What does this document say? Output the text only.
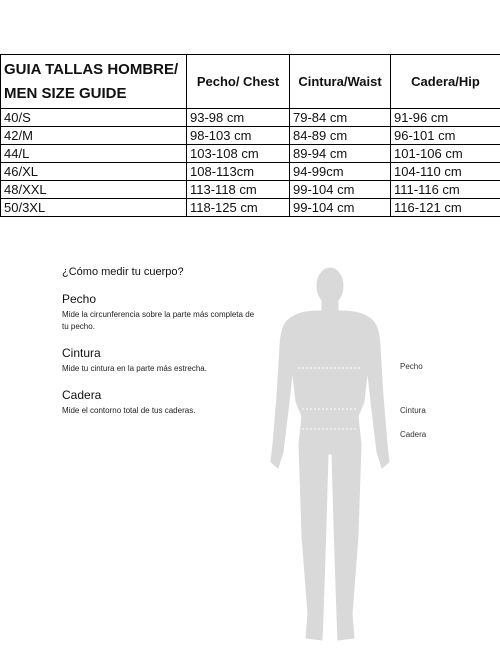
GUIA TALLAS HOMBRE/
MEN SIZE GUIDE	Pecho/ Chest	Cintura/Waist	Cadera/Hip
40/S	93-98 cm	79-84 cm	91-96 cm
42/M	98-103 cm	84-89 cm	96-101 cm
44/L	103-108 cm	89-94 cm	101-106 cm
46/XL	108-113cm	94-99cm	104-110 cm
48/XXL	113-118 cm	99-104 cm	111-116 cm
50/3XL	118-125 cm	99-104 cm	116-121 cm
¿Cómo medir tu cuerpo?
Pecho
Mide la circunferencia sobre la parte más completa de tu pecho.
Cintura
Mide tu cintura en la parte más estrecha.
Cadera
Mide el contorno total de tus caderas.
Pecho
Cintura
Cadera
